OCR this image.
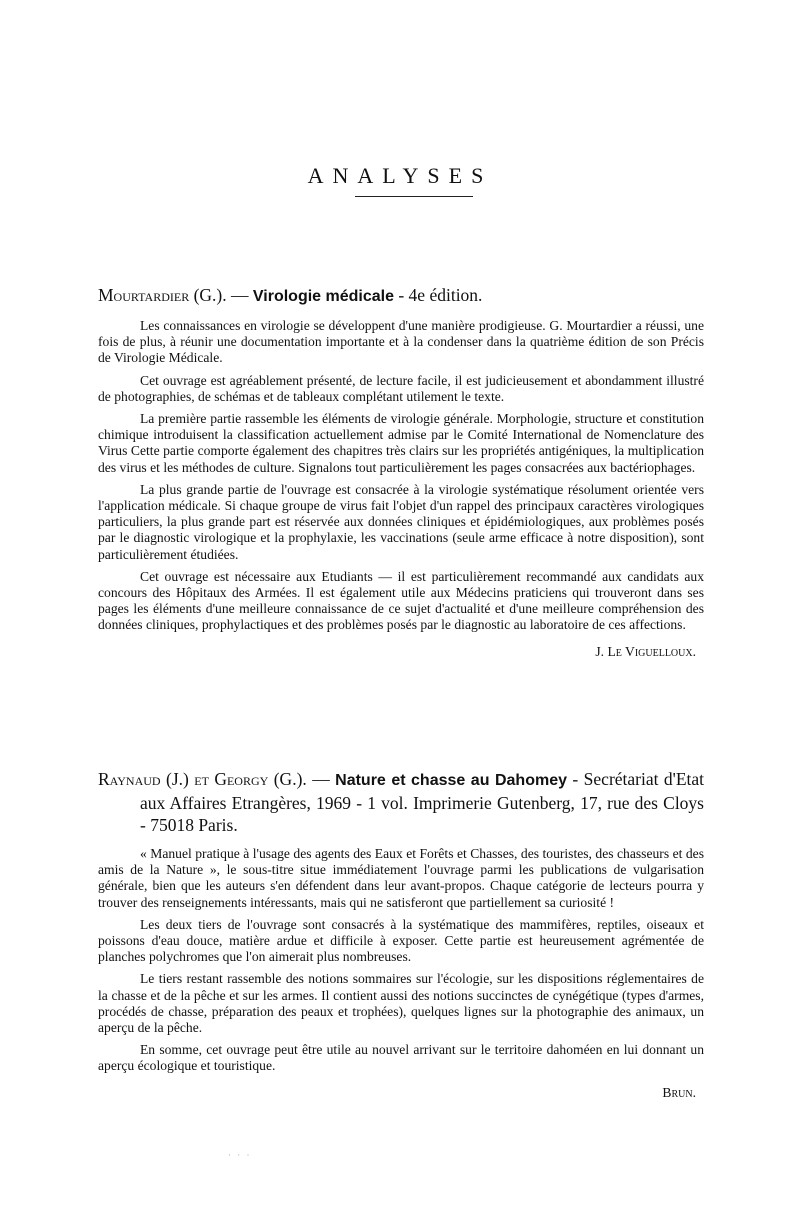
ANALYSES

Mourtardier (G.). — Virologie médicale - 4e édition.

Les connaissances en virologie se développent d'une manière prodigieuse. G. Mourtardier a réussi, une fois de plus, à réunir une documentation importante et à la condenser dans la quatrième édition de son Précis de Virologie Médicale.

Cet ouvrage est agréablement présenté, de lecture facile, il est judicieusement et abondamment illustré de photographies, de schémas et de tableaux complétant utilement le texte.

La première partie rassemble les éléments de virologie générale. Morphologie, structure et constitution chimique introduisent la classification actuellement admise par le Comité International de Nomenclature des Virus Cette partie comporte également des chapitres très clairs sur les propriétés antigéniques, la multiplication des virus et les méthodes de culture. Signalons tout particulièrement les pages consacrées aux bactériophages.

La plus grande partie de l'ouvrage est consacrée à la virologie systématique résolument orientée vers l'application médicale. Si chaque groupe de virus fait l'objet d'un rappel des principaux caractères virologiques particuliers, la plus grande part est réservée aux données cliniques et épidémiologiques, aux problèmes posés par le diagnostic virologique et la prophylaxie, les vaccinations (seule arme efficace à notre disposition), sont particulièrement étudiées.

Cet ouvrage est nécessaire aux Etudiants — il est particulièrement recommandé aux candidats aux concours des Hôpitaux des Armées. Il est également utile aux Médecins praticiens qui trouveront dans ses pages les éléments d'une meilleure connaissance de ce sujet d'actualité et d'une meilleure compréhension des données cliniques, prophylactiques et des problèmes posés par le diagnostic au laboratoire de ces affections.

J. Le Viguelloux.

Raynaud (J.) et Georgy (G.). — Nature et chasse au Dahomey - Secrétariat d'Etat aux Affaires Etrangères, 1969 - 1 vol. Imprimerie Gutenberg, 17, rue des Cloys - 75018 Paris.

« Manuel pratique à l'usage des agents des Eaux et Forêts et Chasses, des touristes, des chasseurs et des amis de la Nature », le sous-titre situe immédiatement l'ouvrage parmi les publications de vulgarisation générale, bien que les auteurs s'en défendent dans leur avant-propos. Chaque catégorie de lecteurs pourra y trouver des renseignements intéressants, mais qui ne satisferont que partiellement sa curiosité !

Les deux tiers de l'ouvrage sont consacrés à la systématique des mammifères, reptiles, oiseaux et poissons d'eau douce, matière ardue et difficile à exposer. Cette partie est heureusement agrémentée de planches polychromes que l'on aimerait plus nombreuses.

Le tiers restant rassemble des notions sommaires sur l'écologie, sur les dispositions réglementaires de la chasse et de la pêche et sur les armes. Il contient aussi des notions succinctes de cynégétique (types d'armes, procédés de chasse, préparation des peaux et trophées), quelques lignes sur la photographie des animaux, un aperçu de la pêche.

En somme, cet ouvrage peut être utile au nouvel arrivant sur le territoire dahoméen en lui donnant un aperçu écologique et touristique.

Brun.

· · ·
